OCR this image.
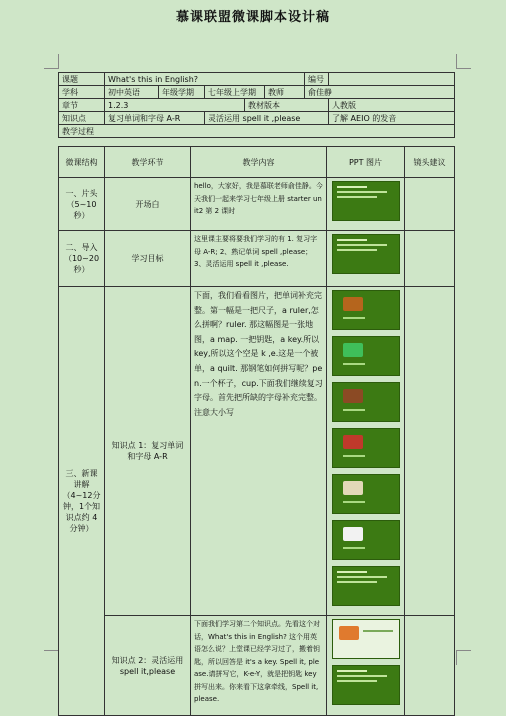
慕课联盟微课脚本设计稿
课题	What's this in English?					编号	
学科	初中英语	年级学期	七年级上学期		教师	俞佳静	
章节	1.2.3			教材版本			人教版
知识点	复习单词和字母 A-R		灵活运用 spell it ,please				了解 AEIO 的发音
教学过程							
微课结构	教学环节	教学内容	PPT 图片	镜头建议
一、片头（5~10秒）	开场白	hello，大家好，我是慕联老师俞佳静。今天我们一起来学习七年级上册 starter unit2 第 2 课时	

二、导入（10~20秒）	学习目标	这里课主要将要我们学习的有 1. 复习字母 A-R; 2、熟记单词 spell ,please；3、灵活运用 spell it ,please.	

三、新课讲解（4~12分钟，1个知识点约 4分钟）	知识点 1：复习单词和字母 A-R	下面，我们看看图片，把单词补充完整。第一幅是一把尺子，a ruler,怎么拼啊？ruler. 那这幅图是一张地图，a map. 一把钥匙，a key.所以 key,所以这个空是 k ,e.这是一个被单，a quilt. 那钢笔如何拼写呢？pen.一个杯子，cup.下面我们继续复习字母。首先把所缺的字母补充完整。注意大小写	

	知识点 2：灵活运用 spell it,please	下面我们学习第二个知识点。先看这个对话，What's this in English? 这个用英语怎么说？上堂课已经学习过了，搬着钥匙，所以回答是 it's a key. Spell it, please.请拼写它，K-e-Y，就是把钥匙 key 拼写出来。你来看下这拿牵线，Spell it, please.	
